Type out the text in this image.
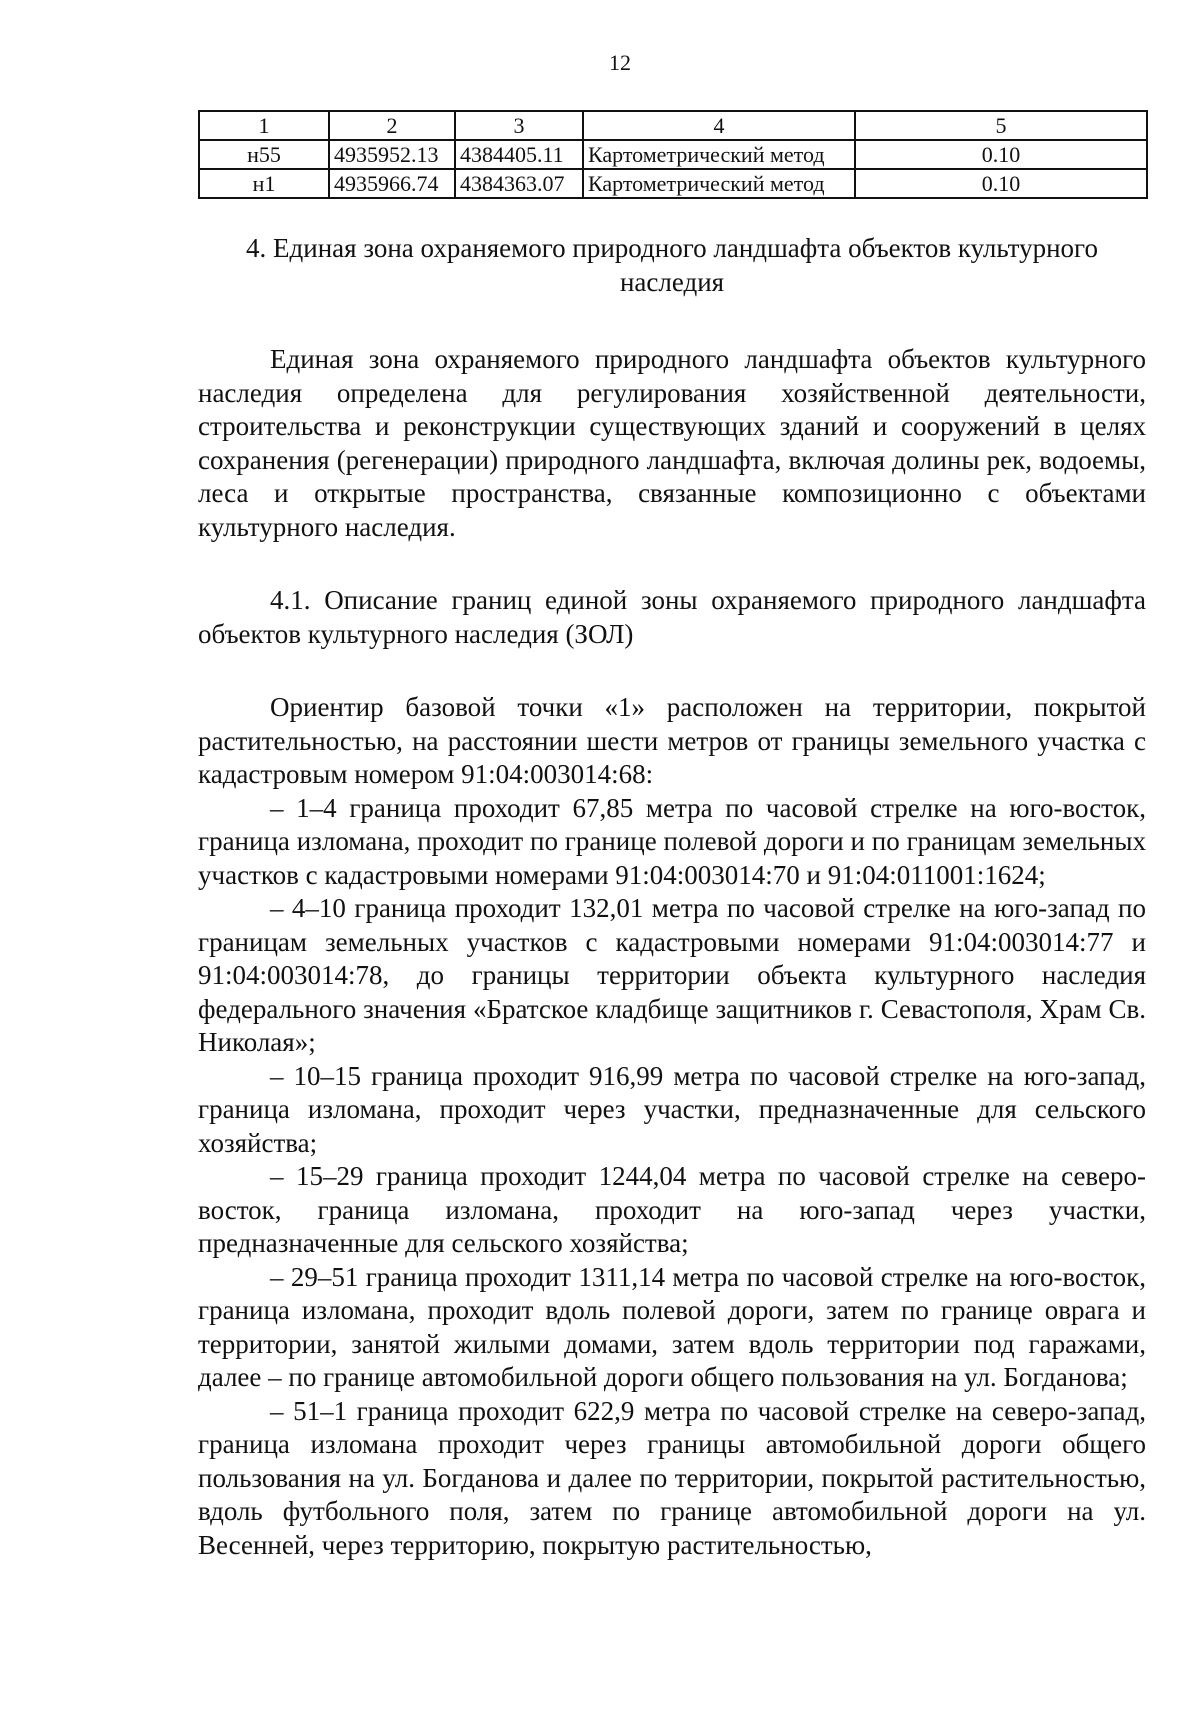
12
1	2	3	4	5
н55	4935952.13	4384405.11	Картометрический метод	0.10
н1	4935966.74	4384363.07	Картометрический метод	0.10
4. Единая зона охраняемого природного ландшафта объектов культурного наследия

Единая зона охраняемого природного ландшафта объектов культурного наследия определена для регулирования хозяйственной деятельности, строительства и реконструкции существующих зданий и сооружений в целях сохранения (регенерации) природного ландшафта, включая долины рек, водоемы, леса и открытые пространства, связанные композиционно с объектами культурного наследия.

4.1. Описание границ единой зоны охраняемого природного ландшафта объектов культурного наследия (ЗОЛ)

Ориентир базовой точки «1» расположен на территории, покрытой растительностью, на расстоянии шести метров от границы земельного участка с кадастровым номером 91:04:003014:68:

– 1–4 граница проходит 67,85 метра по часовой стрелке на юго-восток, граница изломана, проходит по границе полевой дороги и по границам земельных участков с кадастровыми номерами 91:04:003014:70 и 91:04:011001:1624;

– 4–10 граница проходит 132,01 метра по часовой стрелке на юго-запад по границам земельных участков с кадастровыми номерами 91:04:003014:77 и 91:04:003014:78, до границы территории объекта культурного наследия федерального значения «Братское кладбище защитников г. Севастополя, Храм Св. Николая»;

– 10–15 граница проходит 916,99 метра по часовой стрелке на юго-запад, граница изломана, проходит через участки, предназначенные для сельского хозяйства;

– 15–29 граница проходит 1244,04 метра по часовой стрелке на северо-восток, граница изломана, проходит на юго-запад через участки, предназначенные для сельского хозяйства;

– 29–51 граница проходит 1311,14 метра по часовой стрелке на юго-восток, граница изломана, проходит вдоль полевой дороги, затем по границе оврага и территории, занятой жилыми домами, затем вдоль территории под гаражами, далее – по границе автомобильной дороги общего пользования на ул. Богданова;

– 51–1 граница проходит 622,9 метра по часовой стрелке на северо-запад, граница изломана проходит через границы автомобильной дороги общего пользования на ул. Богданова и далее по территории, покрытой растительностью, вдоль футбольного поля, затем по границе автомобильной дороги на ул. Весенней, через территорию, покрытую растительностью,
